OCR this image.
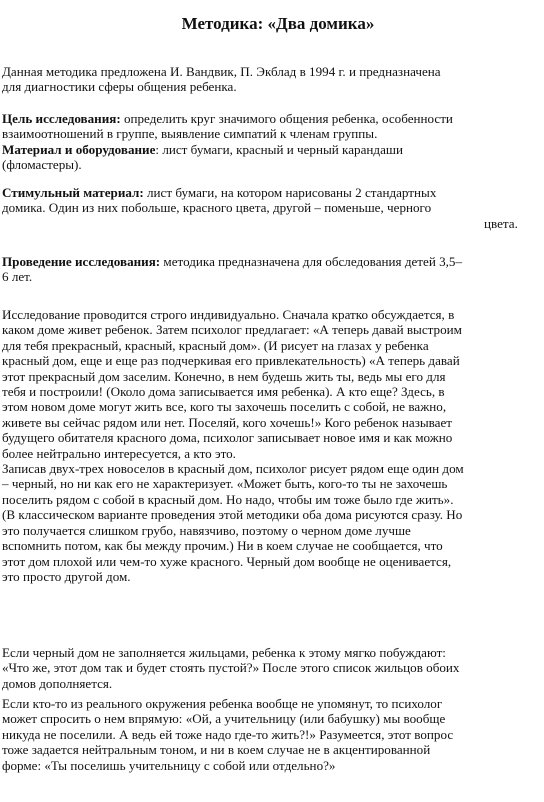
Методика: «Два домика»
Данная методика предложена И. Вандвик, П. Экблад в 1994 г. и предназначена
для диагностики сферы общения ребенка.
Цель исследования: определить круг значимого общения ребенка, особенности
взаимоотношений в группе, выявление симпатий к членам группы.
Материал и оборудование: лист бумаги, красный и черный карандаши
(фломастеры).
Стимульный материал: лист бумаги, на котором нарисованы 2 стандартных
домика. Один из них побольше, красного цвета, другой – поменьше, черного
цвета.
Проведение исследования: методика предназначена для обследования детей 3,5–
6 лет.
Исследование проводится строго индивидуально. Сначала кратко обсуждается, в
каком доме живет ребенок. Затем психолог предлагает: «А теперь давай выстроим
для тебя прекрасный, красный, красный дом». (И рисует на глазах у ребенка
красный дом, еще и еще раз подчеркивая его привлекательность) «А теперь давай
этот прекрасный дом заселим. Конечно, в нем будешь жить ты, ведь мы его для
тебя и построили! (Около дома записывается имя ребенка). А кто еще? Здесь, в
этом новом доме могут жить все, кого ты захочешь поселить с собой, не важно,
живете вы сейчас рядом или нет. Поселяй, кого хочешь!» Кого ребенок называет
будущего обитателя красного дома, психолог записывает новое имя и как можно
более нейтрально интересуется, а кто это.
Записав двух-трех новоселов в красный дом, психолог рисует рядом еще один дом
– черный, но ни как его не характеризует. «Может быть, кого-то ты не захочешь
поселить рядом с собой в красный дом. Но надо, чтобы им тоже было где жить».
(В классическом варианте проведения этой методики оба дома рисуются сразу. Но
это получается слишком грубо, навязчиво, поэтому о черном доме лучше
вспомнить потом, как бы между прочим.) Ни в коем случае не сообщается, что
этот дом плохой или чем-то хуже красного. Черный дом вообще не оценивается,
это просто другой дом.
Если черный дом не заполняется жильцами, ребенка к этому мягко побуждают:
«Что же, этот дом так и будет стоять пустой?» После этого список жильцов обоих
домов дополняется.
Если кто-то из реального окружения ребенка вообще не упомянут, то психолог
может спросить о нем впрямую: «Ой, а учительницу (или бабушку) мы вообще
никуда не поселили. А ведь ей тоже надо где-то жить?!» Разумеется, этот вопрос
тоже задается нейтральным тоном, и ни в коем случае не в акцентированной
форме: «Ты поселишь учительницу с собой или отдельно?»
